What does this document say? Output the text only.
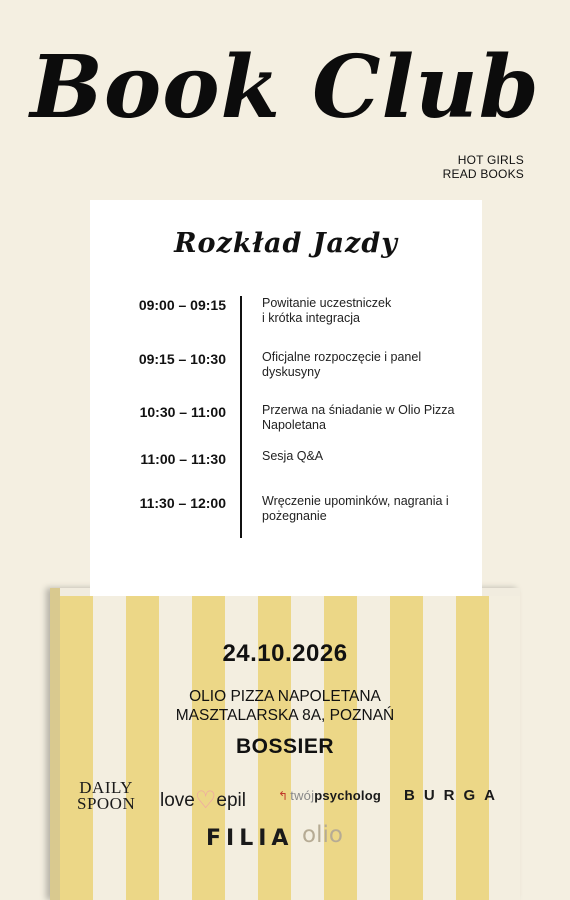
Book Club
HOT GIRLS
READ BOOKS
Rozkład Jazdy
09:00 – 09:15	Powitanie uczestniczek
i krótka integracja
09:15 – 10:30	Oficjalne rozpoczęcie i panel
dyskusyny
10:30 – 11:00	Przerwa na śniadanie w Olio Pizza
Napoletana
11:00 – 11:30	Sesja Q&A
11:30 – 12:00	Wręczenie upominków, nagrania i
pożegnanie
24.10.2026
OLIO PIZZA NAPOLETANA
MASZTALARSKA 8A, POZNAŃ
BOSSIER
DAILY
SPOON love♡epil	↰ twójpsycholog BURGA
FILIA olio
